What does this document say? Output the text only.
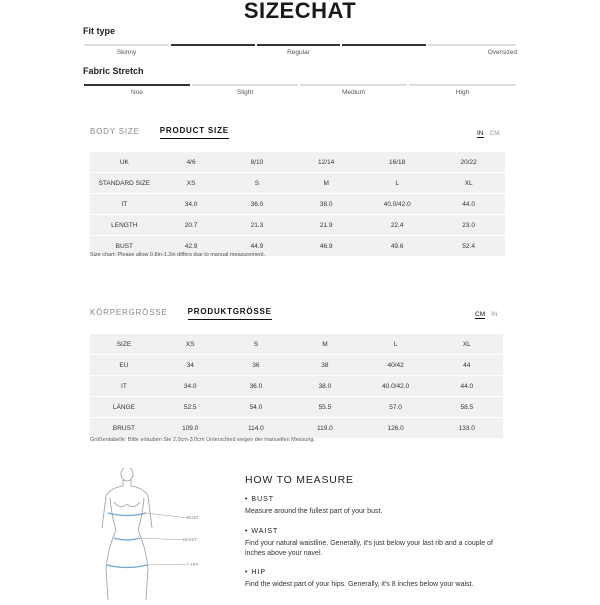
SIZECHAT
Fit type
Skinny	Regular	Oversized
Fabric Stretch
Noe	Slight	Medium	High
BODY SIZE	PRODUCT SIZE	IN CM
UK	4/6	8/10	12/14	16/18	20/22
STANDARD SIZE	XS	S	M	L	XL
IT	34.0	36.0	38.0	40.0/42.0	44.0
LENGTH	20.7	21.3	21.9	22.4	23.0
BUST	42.9	44.9	46.9	49.6	52.4
Size chart: Please allow 0.8in-1.2in differs due to manual measurement.
KÖRPERGRÖSSE	PRODUKTGRÖSSE	CM IN
SIZE	XS	S	M	L	XL
EU	34	36	38	40/42	44
IT	34.0	36.0	38.0	40.0/42.0	44.0
LÄNGE	52.5	54.0	55.5	57.0	58.5
BRUST	109.0	114.0	119.0	126.0	133.0
Größentabelle: Bitte erlauben Sie 2,0cm-3,0cm Unterschied wegen der manuellen Messung.
BUST
WAIST
HIP
HOW TO MEASURE
• BUST
Measure around the fullest part of your bust.
• WAIST
Find your natural waistline. Generally, it's just below your last rib and a couple of inches above your navel.
• HIP
Find the widest part of your hips. Generally, it's 8 inches below your waist.
